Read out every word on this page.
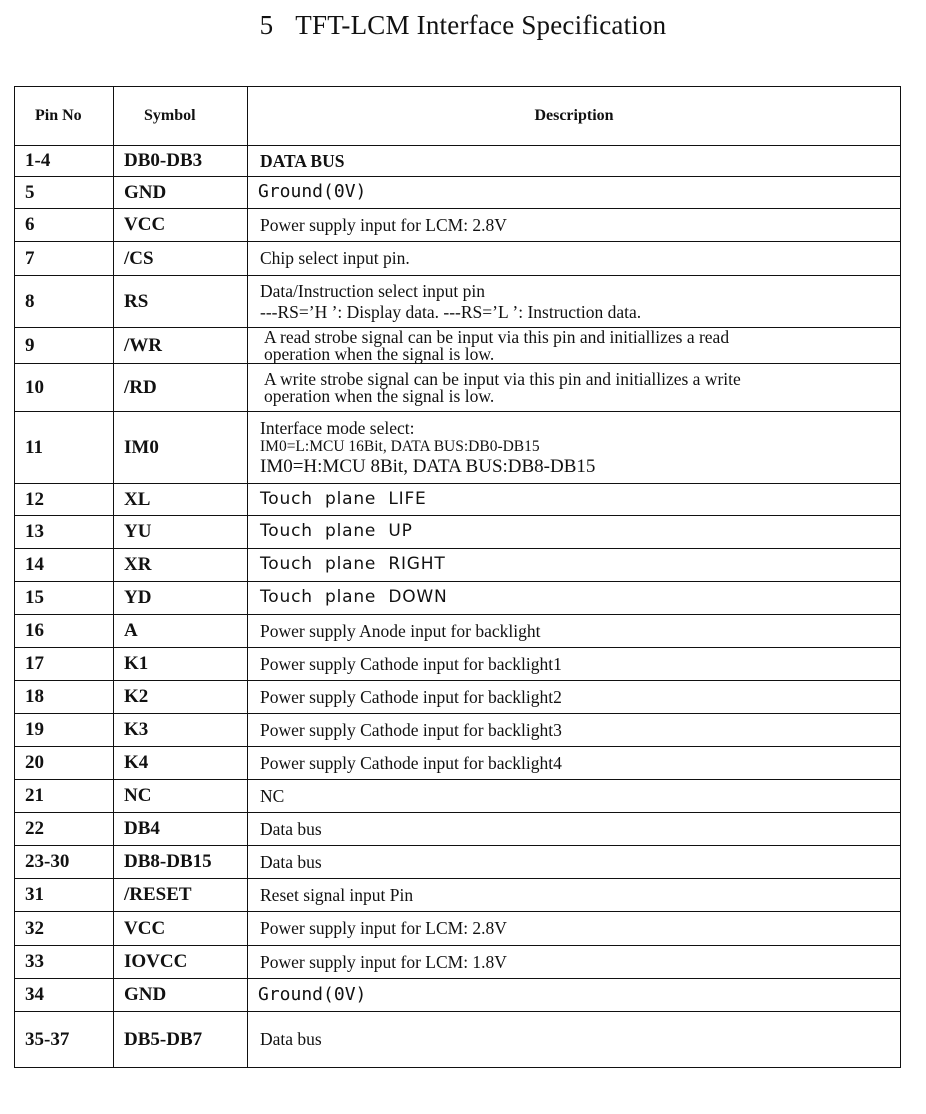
5 TFT-LCM Interface Specification
Pin No	Symbol	Description
1-4	DB0-DB3	DATA BUS

5	GND	Ground(0V)

6	VCC	Power supply input for LCM: 2.8V

7	/CS	Chip select input pin.

8	RS	Data/Instruction select input pin
---RS=’H ’: Display data. ---RS=’L ’: Instruction data.

9	/WR	A read strobe signal can be input via this pin and initiallizes a read
operation when the signal is low.

10	/RD	A write strobe signal can be input via this pin and initiallizes a write
operation when the signal is low.

11	IM0	Interface mode select:
IM0=L:MCU 16Bit, DATA BUS:DB0-DB15
IM0=H:MCU 8Bit, DATA BUS:DB8-DB15

12	XL	Touch plane LIFE

13	YU	Touch plane UP

14	XR	Touch plane RIGHT

15	YD	Touch plane DOWN

16	A	Power supply Anode input for backlight

17	K1	Power supply Cathode input for backlight1

18	K2	Power supply Cathode input for backlight2

19	K3	Power supply Cathode input for backlight3

20	K4	Power supply Cathode input for backlight4

21	NC	NC

22	DB4	Data bus

23-30	DB8-DB15	Data bus

31	/RESET	Reset signal input Pin

32	VCC	Power supply input for LCM: 2.8V

33	IOVCC	Power supply input for LCM: 1.8V

34	GND	Ground(0V)

35-37	DB5-DB7	Data bus
